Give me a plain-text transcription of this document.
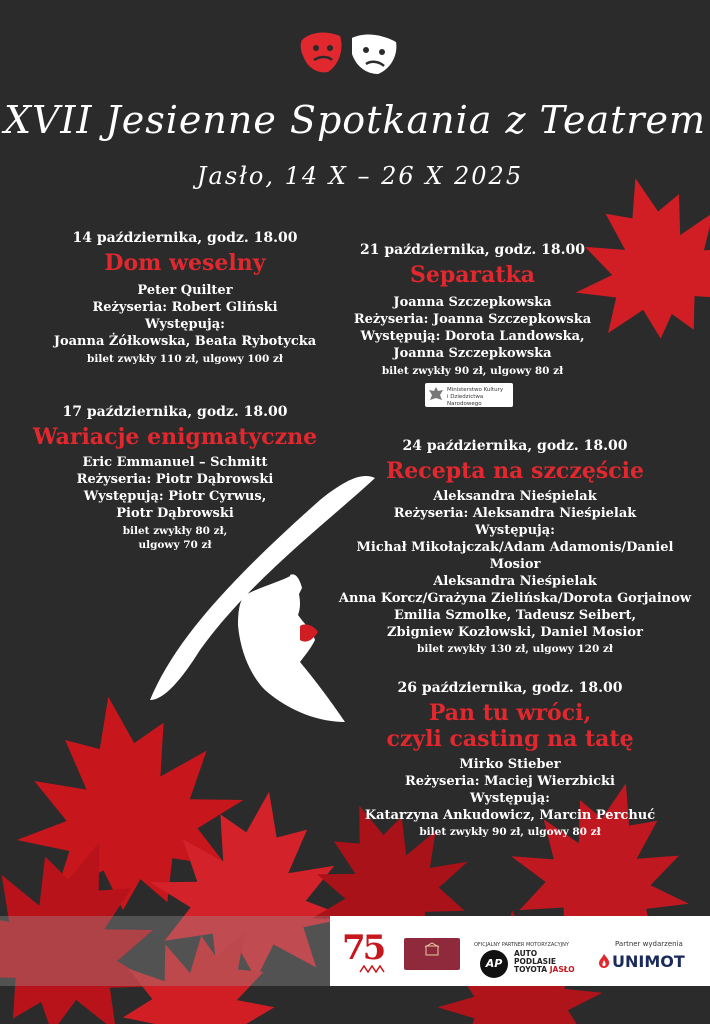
XVII Jesienne Spotkania z Teatrem
Jasło, 14 X – 26 X 2025
14 października, godz. 18.00
Dom weselny
Peter Quilter
Reżyseria: Robert Gliński
Występują:
Joanna Żółkowska, Beata Rybotycka
bilet zwykły 110 zł, ulgowy 100 zł
21 października, godz. 18.00
Separatka
Joanna Szczepkowska
Reżyseria: Joanna Szczepkowska
Występują: Dorota Landowska,
Joanna Szczepkowska
bilet zwykły 90 zł, ulgowy 80 zł
Ministerstwo Kultury
i Dziedzictwa Narodowego
17 października, godz. 18.00
Wariacje enigmatyczne
Eric Emmanuel – Schmitt
Reżyseria: Piotr Dąbrowski
Występują: Piotr Cyrwus,
Piotr Dąbrowski
bilet zwykły 80 zł,
ulgowy 70 zł
24 października, godz. 18.00
Recepta na szczęście
Aleksandra Nieśpielak
Reżyseria: Aleksandra Nieśpielak
Występują:
Michał Mikołajczak/Adam Adamonis/Daniel Mosior
Aleksandra Nieśpielak
Anna Korcz/Grażyna Zielińska/Dorota Gorjainow
Emilia Szmolke, Tadeusz Seibert,
Zbigniew Kozłowski, Daniel Mosior
bilet zwykły 130 zł, ulgowy 120 zł
26 października, godz. 18.00
Pan tu wróci,
czyli casting na tatę
Mirko Stieber
Reżyseria: Maciej Wierzbicki
Występują:
Katarzyna Ankudowicz, Marcin Perchuć
bilet zwykły 90 zł, ulgowy 80 zł
75	OFICJALNY PARTNER MOTORYZACYJNY
AP
AUTO
PODLASIE
TOYOTA JASŁO
Partner wydarzenia
UNIMOT
